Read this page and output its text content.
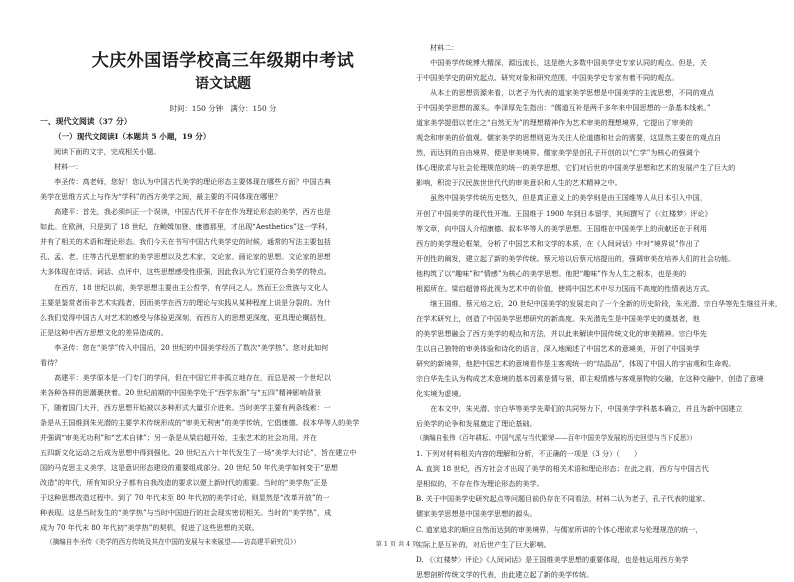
大庆外国语学校高三年级期中考试
语文试题

时间：150 分钟　满分：150 分

一、现代文阅读（37 分）
（一）现代文阅读Ⅰ（本题共 5 小题，19 分）
阅读下面的文字，完成相关小题。
材料一：
　　李圣传：高老师，您好！您认为中国古代美学的理论形态主要体现在哪些方面？中国古典
美学在思维方式上与作为“学科”的西方美学之间，最主要的不同体现在哪里？
　　高建平：首先，我必须纠正一个误读，中国古代并不存在作为理论形态的美学，西方也是
如此。在欧洲，只是到了 18 世纪，在鲍姆加登、康德那里，才出现“Aesthetics”这一学科，
并有了相关的术语和理论形态。我们今天在书写中国古代美学史的时候，通常的写法主要包括
孔、孟、老、庄等古代思想家的美学思想以及艺术家、文论家、画论家的思想。文论家的思想
大多体现在诗话、词话、点评中，这些思想感受性很强，因此我认为它们更符合美学的特点。
　　在西方，18 世纪以前，美学思想主要由主公哲学，有学问之人。然而王公贵族与文化人
主要是鉴赏者而非艺术实践者，因而美学在西方的理论与实践从某种程度上说是分裂的。为什
么我们觉得中国古人对艺术的感受与体验更深刻，而西方人的思想更深度、更具理论概括性，
正是这种中西方思想文化的差异造成的。
　　李圣传：您在“美学”传入中国后，20 世纪的中国美学经历了数次“美学热”。您对此如何
看待？
　　高建平：美学原本是一门专门的学问，但在中国它并非孤立地存在，而总是被一个世纪以
来各种各样的思潮裹挟着。20 世纪前期的中国美学处于“西学东渐”与“五四”精神影响背景
下，随着国门大开，西方思想开始被以多种形式大量引介进来。当时美学主要有两条线索：一
条是从王国维到朱光潜的主要学术传统形成的“审美无利害”的美学传统，它倡康德、叔本华等人的美学
并强调“审美无功利”和“艺术自律”；另一条是从梁启超开始，主张艺术的社会功用。并在
五四新文化运动之后成为思想中得到强化。20 世纪五六十年代发生了一场“美学大讨论”，旨在建立中
国的马克思主义美学，这是意识形态建设的重要组成部分。20 世纪 50 年代美学如何变于“思想
改造”的年代，所有知识分子都有自我改造的要求以便上新时代的需要。当时的“美学热”正是
于这种思想改造过程中。到了 70 年代末至 80 年代初的美学讨论，则显然是“改革开放”的一
种表现。这是当时发生的“美学热”与当时中国进行的社会现实密切相关。当时的“美学热”，成
成为 70 年代末 80 年代初“美学热”的契机，促进了这些思想的关联。
（摘编自李圣传《美学的西方传统及其在中国的发展与未来展望——访高建平研究员》）
材料二：
　　中国美学传统博大精深，源远流长，这是绝大多数中国美学史专家认同的观点。但是，关
于中国美学史的研究起点、研究对象和研究范围，中国美学史专家有着不同的观点。
　　从本土的思想资源来看，以老子为代表的道家美学思想是中国美学的主流思想，不同的观点
于中国美学思想的源头。李泽厚先生指出：“儒道互补是两千多年来中国思想的一条基本线索。”
道家美学提倡以老庄之“自然无为”的理想精神作为艺术审美的理想境界，它提出了审美的
观念和审美的价值观。儒家美学的思想则更为关注人伦道德和社会的需要，这显然主要在的观点自
然，而达到的自由境界，便是审美境界。儒家美学是创孔子开创的以“仁学”为核心的强调个
体心理欲求与社会伦理规范的统一的美学思想，它们对后世的中国美学思想和艺术的发展产生了巨大的
影响，积淀于汉民族世世代代的审美意识和人生的艺术精神之中。
　　虽然中国美学传统历史悠久，但是真正意义上的美学则是由王国维等人从日本引入中国，
开创了中国美学的现代性开端。王国维于 1900 年到日本留学，其间撰写了《〈红楼梦〉评论》
等文章，向中国人介绍康德、叔本华等人的美学思想。王国维在中国美学上的贡献还在于利用
西方的美学理论框架，分析了中国艺术和文学的本质，在《人间词话》中对“境界说”作出了
开创性的阐发，建立起了新的美学传统。蔡元培以后蔡元培提出的，强调审美在培养人们的社会功能。
他构筑了以“趣味”和“情感”为核心的美学思想。他把“趣味”作为人生之根本，也是美的
根源所在。梁启超曾将此视为艺术中的价值，使将中国艺术中尽力国而不高度的性情表达方式。
　　继王国维、蔡元培之后，20 世纪中国美学的发展走向了一个全新的历史阶段，朱光潜、宗白华等先生继往开来，
在学术研究上，创造了中国美学思想研究的新高度。朱光潜先生是中国美学史的奠基者，他
的美学思想融会了西方美学的观点和方法，并以此来解读中国传统文化的审美精神。宗白华先
生以自己独特的审美体验和诗化的语言，深入地阐述了中国艺术的意境美，开创了中国美学
研究的新境界，他把中国艺术的意境看作是主客观统一的“结晶品”，体现了中国人的宇宙观和生命观。
宗白华先生认为构成艺术意境的基本因素是情与景，即主观情感与客观景物的交融，在这种交融中，创造了意境
化实境为虚境。
　　在本文中，朱光潜、宗白华等美学先辈们的共同努力下，中国美学学科基本确立，并且为新中国建立
后美学的论争和发展奠定了理论基础。
（摘编自张伟《百年耕耘、中国气派与当代繁荣——百年中国美学发展的历史回望与当下反思》）
1. 下列对材料相关内容的理解和分析，不正确的一项是（3 分）（　　）
A. 直到 18 世纪，西方社会才出现了美学的相关术语和理论形态；在此之前，西方与中国古代
是相似的，不存在作为理论形态的美学。
B. 关于中国美学史研究起点等问题目前仍存在不同看法，材料二认为老子，孔子代表的道家、
儒家美学思想是中国美学思想的源头。
C. 道家追求的顺应自然而达到的审美境界，与儒家所讲的个体心理欲求与伦理规范的统一，
实际上是互补的，对后世产生了巨大影响。
D. 《〈红楼梦〉评论》《人间词话》是王国维美学思想的重要体现，也是他运用西方美学
思想剖析传统文学的代表，由此建立起了新的美学传统。

第 1 页 共 4 页
